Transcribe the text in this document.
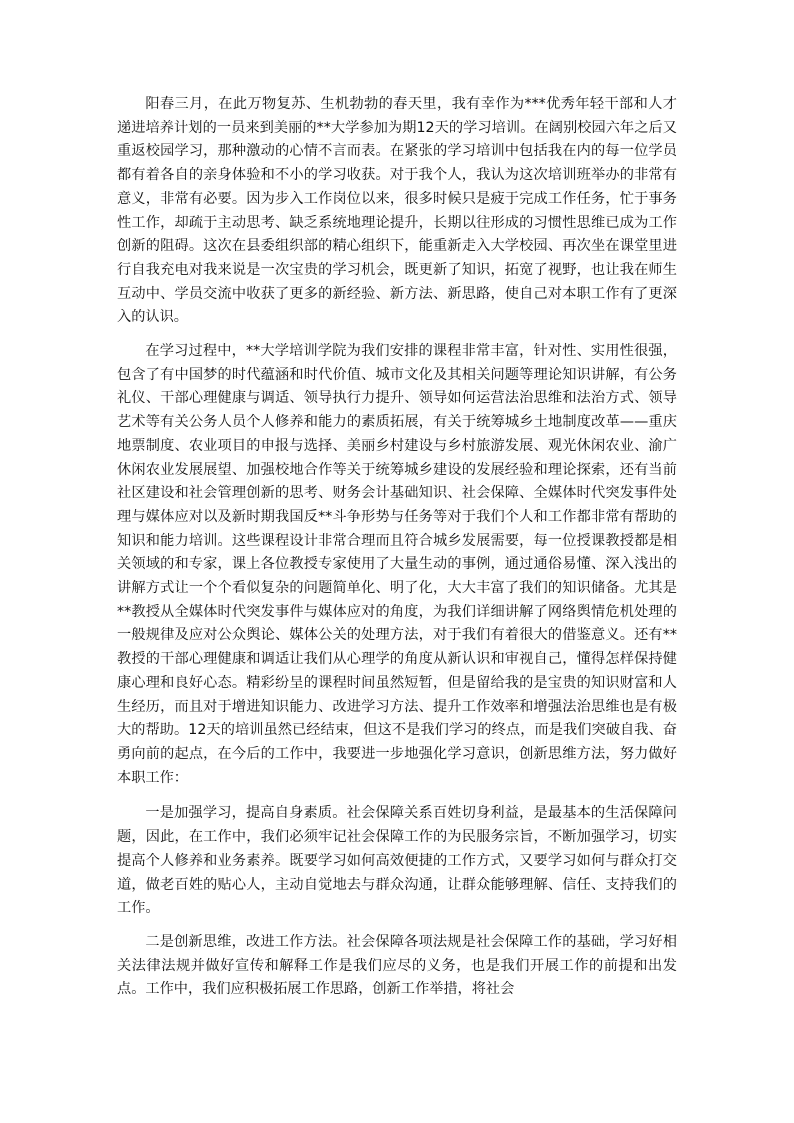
阳春三月，在此万物复苏、生机勃勃的春天里，我有幸作为***优秀年轻干部和人才递进培养计划的一员来到美丽的**大学参加为期12天的学习培训。在阔别校园六年之后又重返校园学习，那种激动的心情不言而表。在紧张的学习培训中包括我在内的每一位学员都有着各自的亲身体验和不小的学习收获。对于我个人，我认为这次培训班举办的非常有意义，非常有必要。因为步入工作岗位以来，很多时候只是疲于完成工作任务，忙于事务性工作，却疏于主动思考、缺乏系统地理论提升，长期以往形成的习惯性思维已成为工作创新的阻碍。这次在县委组织部的精心组织下，能重新走入大学校园、再次坐在课堂里进行自我充电对我来说是一次宝贵的学习机会，既更新了知识，拓宽了视野，也让我在师生互动中、学员交流中收获了更多的新经验、新方法、新思路，使自己对本职工作有了更深入的认识。

在学习过程中，**大学培训学院为我们安排的课程非常丰富，针对性、实用性很强，包含了有中国梦的时代蕴涵和时代价值、城市文化及其相关问题等理论知识讲解，有公务礼仪、干部心理健康与调适、领导执行力提升、领导如何运营法治思维和法治方式、领导艺术等有关公务人员个人修养和能力的素质拓展，有关于统筹城乡土地制度改革——重庆地票制度、农业项目的申报与选择、美丽乡村建设与乡村旅游发展、观光休闲农业、渝广休闲农业发展展望、加强校地合作等关于统筹城乡建设的发展经验和理论探索，还有当前社区建设和社会管理创新的思考、财务会计基础知识、社会保障、全媒体时代突发事件处理与媒体应对以及新时期我国反**斗争形势与任务等对于我们个人和工作都非常有帮助的知识和能力培训。这些课程设计非常合理而且符合城乡发展需要，每一位授课教授都是相关领域的和专家，课上各位教授专家使用了大量生动的事例，通过通俗易懂、深入浅出的讲解方式让一个个看似复杂的问题简单化、明了化，大大丰富了我们的知识储备。尤其是**教授从全媒体时代突发事件与媒体应对的角度，为我们详细讲解了网络舆情危机处理的一般规律及应对公众舆论、媒体公关的处理方法，对于我们有着很大的借鉴意义。还有**教授的干部心理健康和调适让我们从心理学的角度从新认识和审视自己，懂得怎样保持健康心理和良好心态。精彩纷呈的课程时间虽然短暂，但是留给我的是宝贵的知识财富和人生经历，而且对于增进知识能力、改进学习方法、提升工作效率和增强法治思维也是有极大的帮助。12天的培训虽然已经结束，但这不是我们学习的终点，而是我们突破自我、奋勇向前的起点，在今后的工作中，我要进一步地强化学习意识，创新思维方法，努力做好本职工作：

一是加强学习，提高自身素质。社会保障关系百姓切身利益，是最基本的生活保障问题，因此，在工作中，我们必须牢记社会保障工作的为民服务宗旨，不断加强学习，切实提高个人修养和业务素养。既要学习如何高效便捷的工作方式，又要学习如何与群众打交道，做老百姓的贴心人，主动自觉地去与群众沟通，让群众能够理解、信任、支持我们的工作。

二是创新思维，改进工作方法。社会保障各项法规是社会保障工作的基础，学习好相关法律法规并做好宣传和解释工作是我们应尽的义务，也是我们开展工作的前提和出发点。工作中，我们应积极拓展工作思路，创新工作举措，将社会
